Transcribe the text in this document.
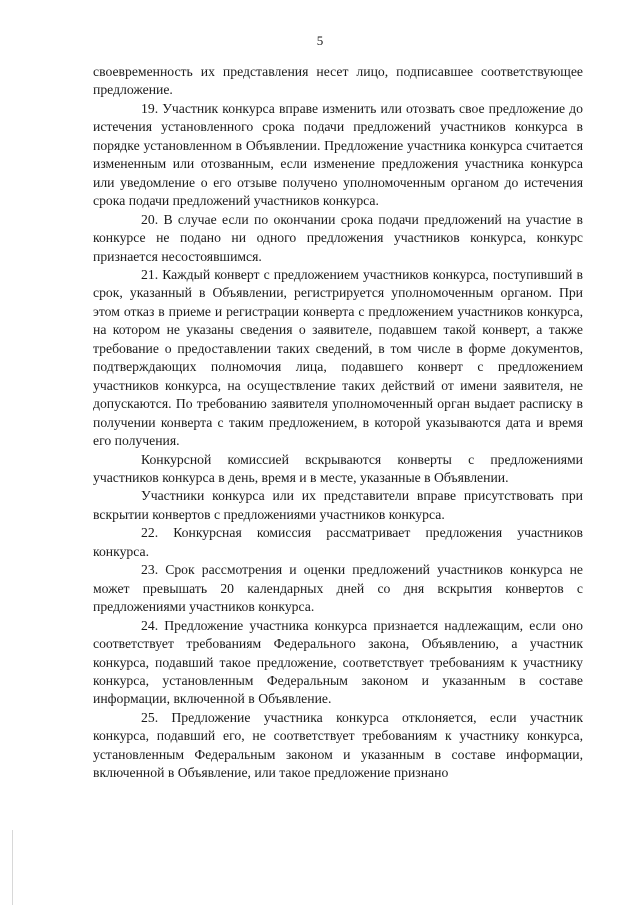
5

своевременность их представления несет лицо, подписавшее соответствующее предложение.

19. Участник конкурса вправе изменить или отозвать свое предложение до истечения установленного срока подачи предложений участников конкурса в порядке установленном в Объявлении. Предложение участника конкурса считается измененным или отозванным, если изменение предложения участника конкурса или уведомление о его отзыве получено уполномоченным органом до истечения срока подачи предложений участников конкурса.

20. В случае если по окончании срока подачи предложений на участие в конкурсе не подано ни одного предложения участников конкурса, конкурс признается несостоявшимся.

21. Каждый конверт с предложением участников конкурса, поступивший в срок, указанный в Объявлении, регистрируется уполномоченным органом. При этом отказ в приеме и регистрации конверта с предложением участников конкурса, на котором не указаны сведения о заявителе, подавшем такой конверт, а также требование о предоставлении таких сведений, в том числе в форме документов, подтверждающих полномочия лица, подавшего конверт с предложением участников конкурса, на осуществление таких действий от имени заявителя, не допускаются. По требованию заявителя уполномоченный орган выдает расписку в получении конверта с таким предложением, в которой указываются дата и время его получения.

Конкурсной комиссией вскрываются конверты с предложениями участников конкурса в день, время и в месте, указанные в Объявлении.

Участники конкурса или их представители вправе присутствовать при вскрытии конвертов с предложениями участников конкурса.

22. Конкурсная комиссия рассматривает предложения участников конкурса.

23. Срок рассмотрения и оценки предложений участников конкурса не может превышать 20 календарных дней со дня вскрытия конвертов с предложениями участников конкурса.

24. Предложение участника конкурса признается надлежащим, если оно соответствует требованиям Федерального закона, Объявлению, а участник конкурса, подавший такое предложение, соответствует требованиям к участнику конкурса, установленным Федеральным законом и указанным в составе информации, включенной в Объявление.

25. Предложение участника конкурса отклоняется, если участник конкурса, подавший его, не соответствует требованиям к участнику конкурса, установленным Федеральным законом и указанным в составе информации, включенной в Объявление, или такое предложение признано
